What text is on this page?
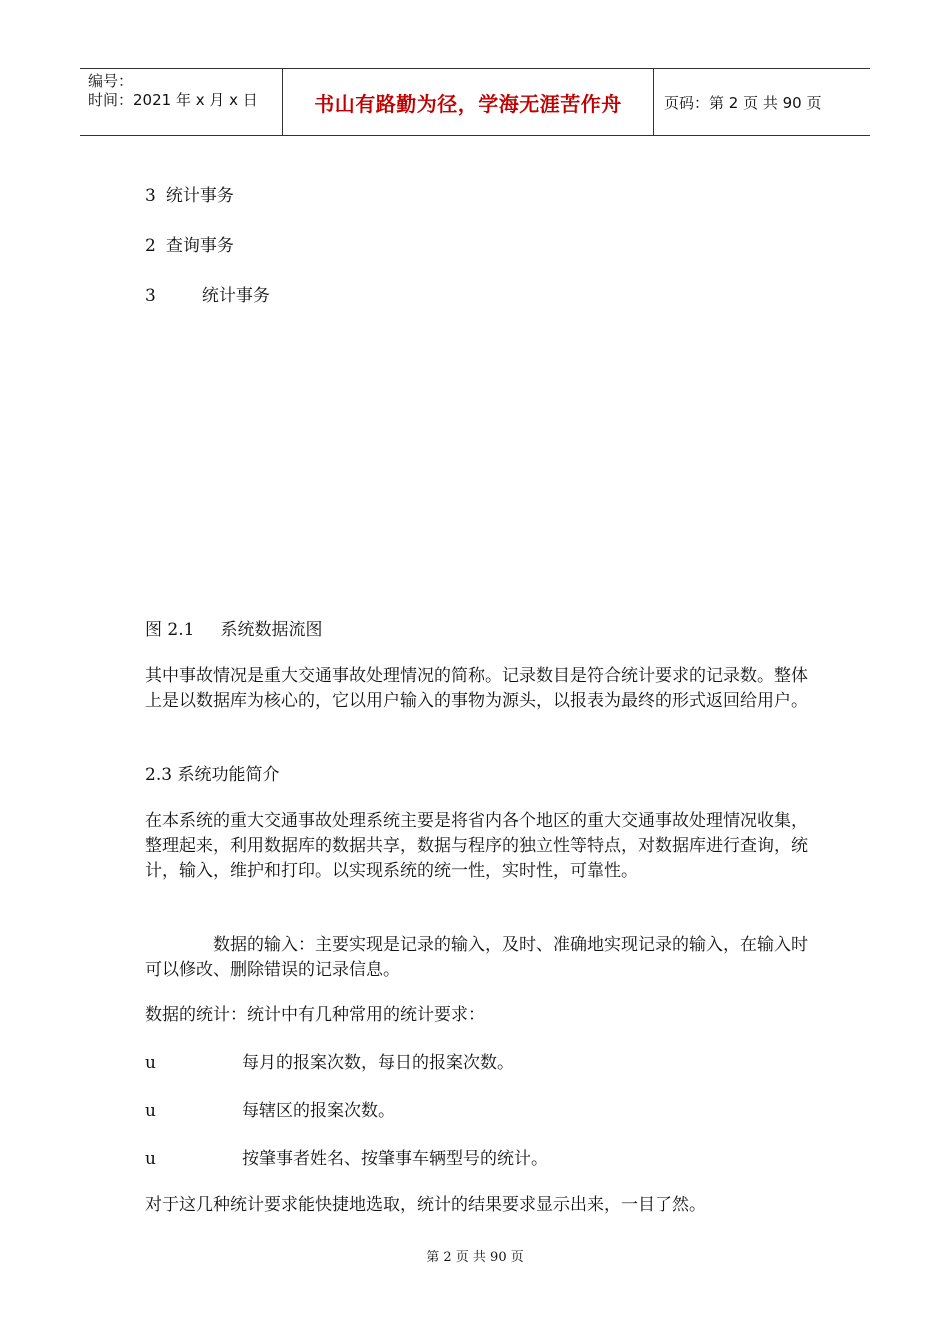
编号：
时间：2021 年 x 月 x 日	书山有路勤为径，学海无涯苦作舟	页码：第 2 页 共 90 页
3 统计事务
2 查询事务
3	统计事务
图 2.1 系统数据流图
其中事故情况是重大交通事故处理情况的简称。记录数目是符合统计要求的记录数。整体上是以数据库为核心的，它以用户输入的事物为源头，以报表为最终的形式返回给用户。
2.3 系统功能简介
在本系统的重大交通事故处理系统主要是将省内各个地区的重大交通事故处理情况收集，整理起来，利用数据库的数据共享，数据与程序的独立性等特点，对数据库进行查询，统计，输入，维护和打印。以实现系统的统一性，实时性，可靠性。
数据的输入：主要实现是记录的输入，及时、准确地实现记录的输入，在输入时可以修改、删除错误的记录信息。
数据的统计：统计中有几种常用的统计要求：
u	每月的报案次数，每日的报案次数。
u	每辖区的报案次数。
u	按肇事者姓名、按肇事车辆型号的统计。
对于这几种统计要求能快捷地选取，统计的结果要求显示出来，一目了然。
第 2 页 共 90 页
